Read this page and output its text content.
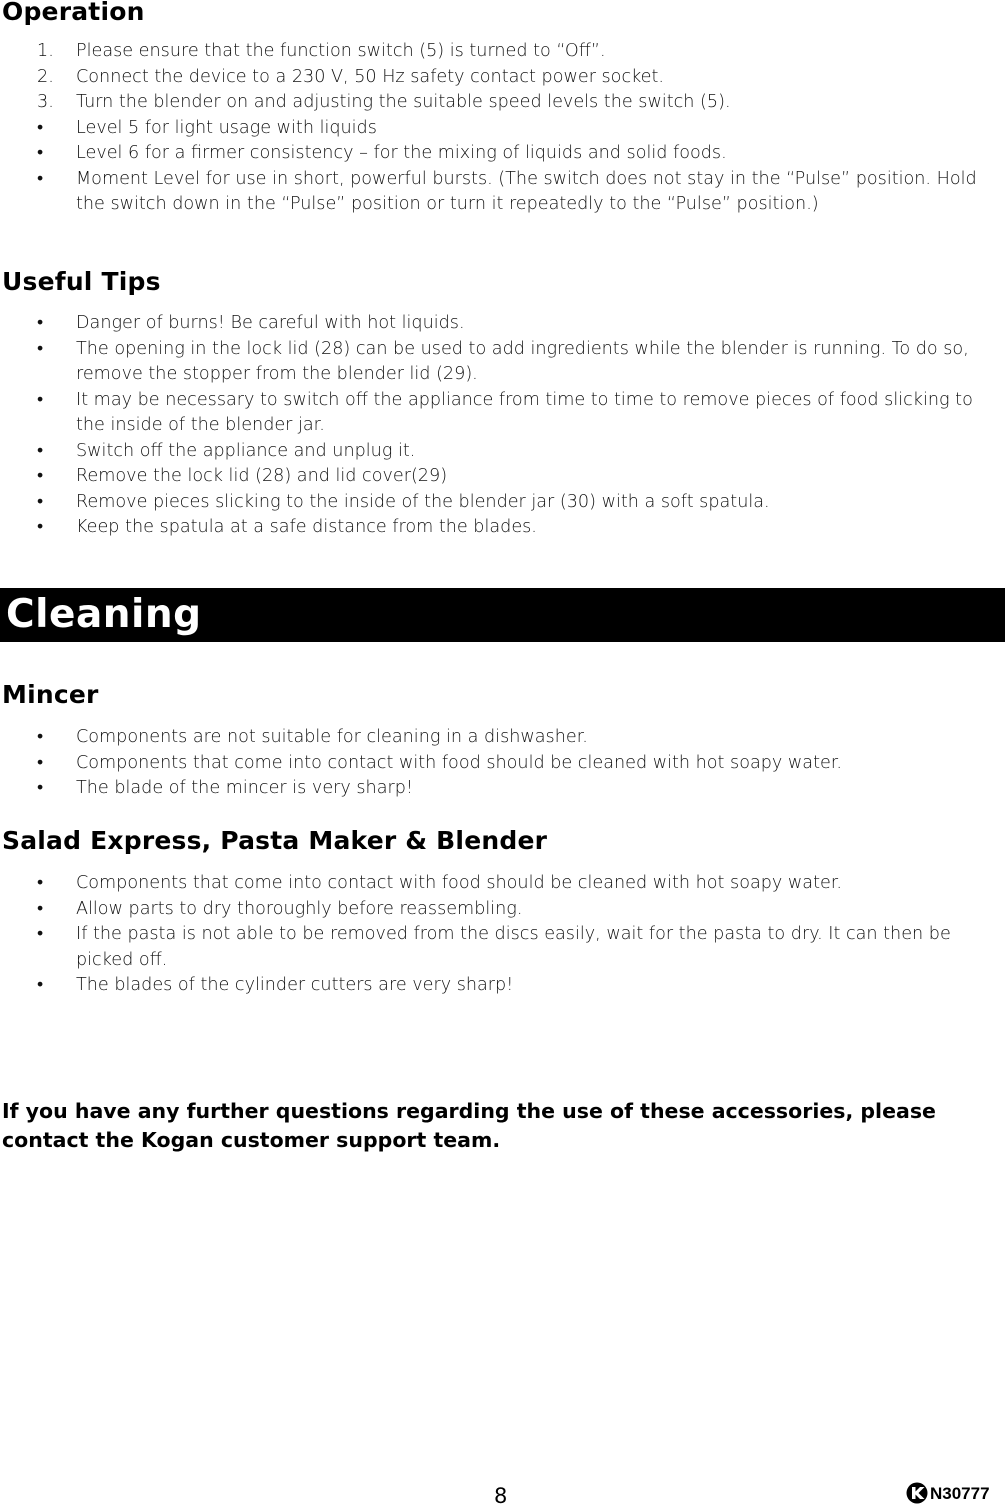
Operation
1.	Please ensure that the function switch (5) is turned to “Off”.
2.	Connect the device to a 230 V, 50 Hz safety contact power socket.
3.	Turn the blender on and adjusting the suitable speed levels the switch (5).
•	Level 5 for light usage with liquids
•	Level 6 for a firmer consistency – for the mixing of liquids and solid foods.
•	Moment Level for use in short, powerful bursts. (The switch does not stay in the “Pulse” position. Hold the switch down in the “Pulse” position or turn it repeatedly to the “Pulse” position.)
Useful Tips
•	Danger of burns! Be careful with hot liquids.
•	The opening in the lock lid (28) can be used to add ingredients while the blender is running. To do so, remove the stopper from the blender lid (29).
•	It may be necessary to switch off the appliance from time to time to remove pieces of food slicking to the inside of the blender jar.
•	Switch off the appliance and unplug it.
•	Remove the lock lid (28) and lid cover(29)
•	Remove pieces slicking to the inside of the blender jar (30) with a soft spatula.
•	Keep the spatula at a safe distance from the blades.
Cleaning
Mincer
•	Components are not suitable for cleaning in a dishwasher.
•	Components that come into contact with food should be cleaned with hot soapy water.
•	The blade of the mincer is very sharp!
Salad Express, Pasta Maker & Blender
•	Components that come into contact with food should be cleaned with hot soapy water.
•	Allow parts to dry thoroughly before reassembling.
•	If the pasta is not able to be removed from the discs easily, wait for the pasta to dry. It can then be picked off.
•	The blades of the cylinder cutters are very sharp!
If you have any further questions regarding the use of these accessories, please contact the Kogan customer support team.
8	N30777
